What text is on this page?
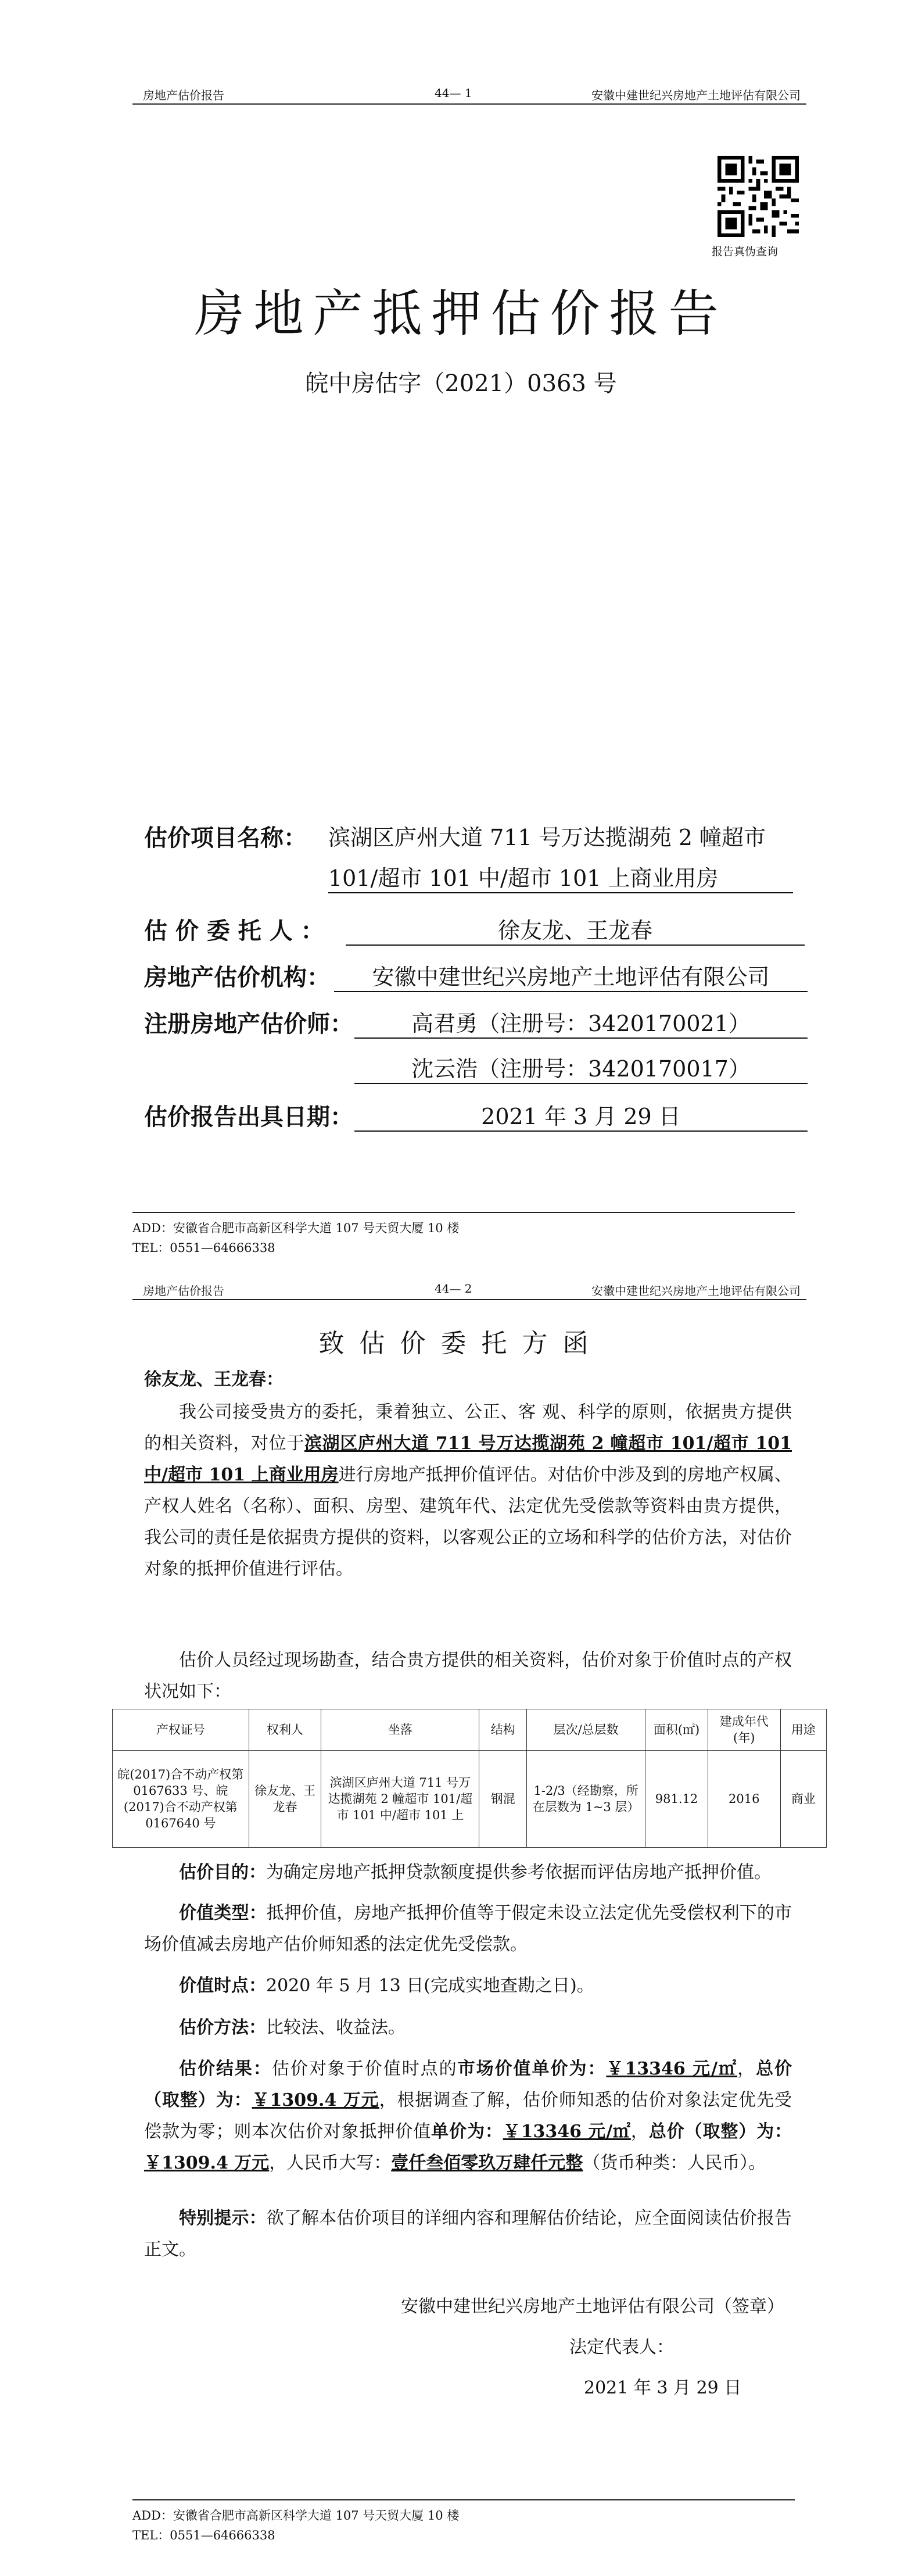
房地产估价报告	44— 1	安徽中建世纪兴房地产土地评估有限公司
报告真伪查询
房地产抵押估价报告
皖中房估字（2021）0363 号
估价项目名称： 滨湖区庐州大道 711 号万达揽湖苑 2 幢超市
101/超市 101 中/超市 101 上商业用房
估 价 委 托 人 ：	徐友龙、王龙春
房地产估价机构：	安徽中建世纪兴房地产土地评估有限公司
注册房地产估价师：	高君勇（注册号：3420170021）
沈云浩（注册号：3420170017）
估价报告出具日期：	2021 年 3 月 29 日
ADD：安徽省合肥市高新区科学大道 107 号天贸大厦 10 楼
TEL：0551—64666338
房地产估价报告	44— 2	安徽中建世纪兴房地产土地评估有限公司
致估价委托方函
徐友龙、王龙春：
我公司接受贵方的委托，秉着独立、公正、客 观、科学的原则，依据贵方提供的相关资料，对位于滨湖区庐州大道 711 号万达揽湖苑 2 幢超市 101/超市 101 中/超市 101 上商业用房进行房地产抵押价值评估。对估价中涉及到的房地产权属、产权人姓名（名称）、面积、房型、建筑年代、法定优先受偿款等资料由贵方提供，我公司的责任是依据贵方提供的资料，以客观公正的立场和科学的估价方法，对估价对象的抵押价值进行评估。
估价人员经过现场勘查，结合贵方提供的相关资料，估价对象于价值时点的产权状况如下：
产权证号	权利人	坐落	结构	层次/总层数	面积(㎡)	建成年代(年)	用途
皖(2017)合不动产权第 0167633 号、皖(2017)合不动产权第 0167640 号	徐友龙、王龙春	滨湖区庐州大道 711 号万达揽湖苑 2 幢超市 101/超市 101 中/超市 101 上	钢混	1-2/3（经勘察，所在层数为 1~3 层）	981.12	2016	商业
估价目的：为确定房地产抵押贷款额度提供参考依据而评估房地产抵押价值。
价值类型：抵押价值，房地产抵押价值等于假定未设立法定优先受偿权利下的市场价值减去房地产估价师知悉的法定优先受偿款。
价值时点：2020 年 5 月 13 日(完成实地查勘之日)。
估价方法：比较法、收益法。
估价结果：估价对象于价值时点的市场价值单价为：￥13346 元/㎡，总价（取整）为：￥1309.4 万元，根据调查了解，估价师知悉的估价对象法定优先受偿款为零；则本次估价对象抵押价值单价为：￥13346 元/㎡，总价（取整）为：￥1309.4 万元，人民币大写：壹仟叁佰零玖万肆仟元整（货币种类：人民币）。
特别提示：欲了解本估价项目的详细内容和理解估价结论，应全面阅读估价报告正文。
安徽中建世纪兴房地产土地评估有限公司（签章）
法定代表人：
2021 年 3 月 29 日
ADD：安徽省合肥市高新区科学大道 107 号天贸大厦 10 楼
TEL：0551—64666338
